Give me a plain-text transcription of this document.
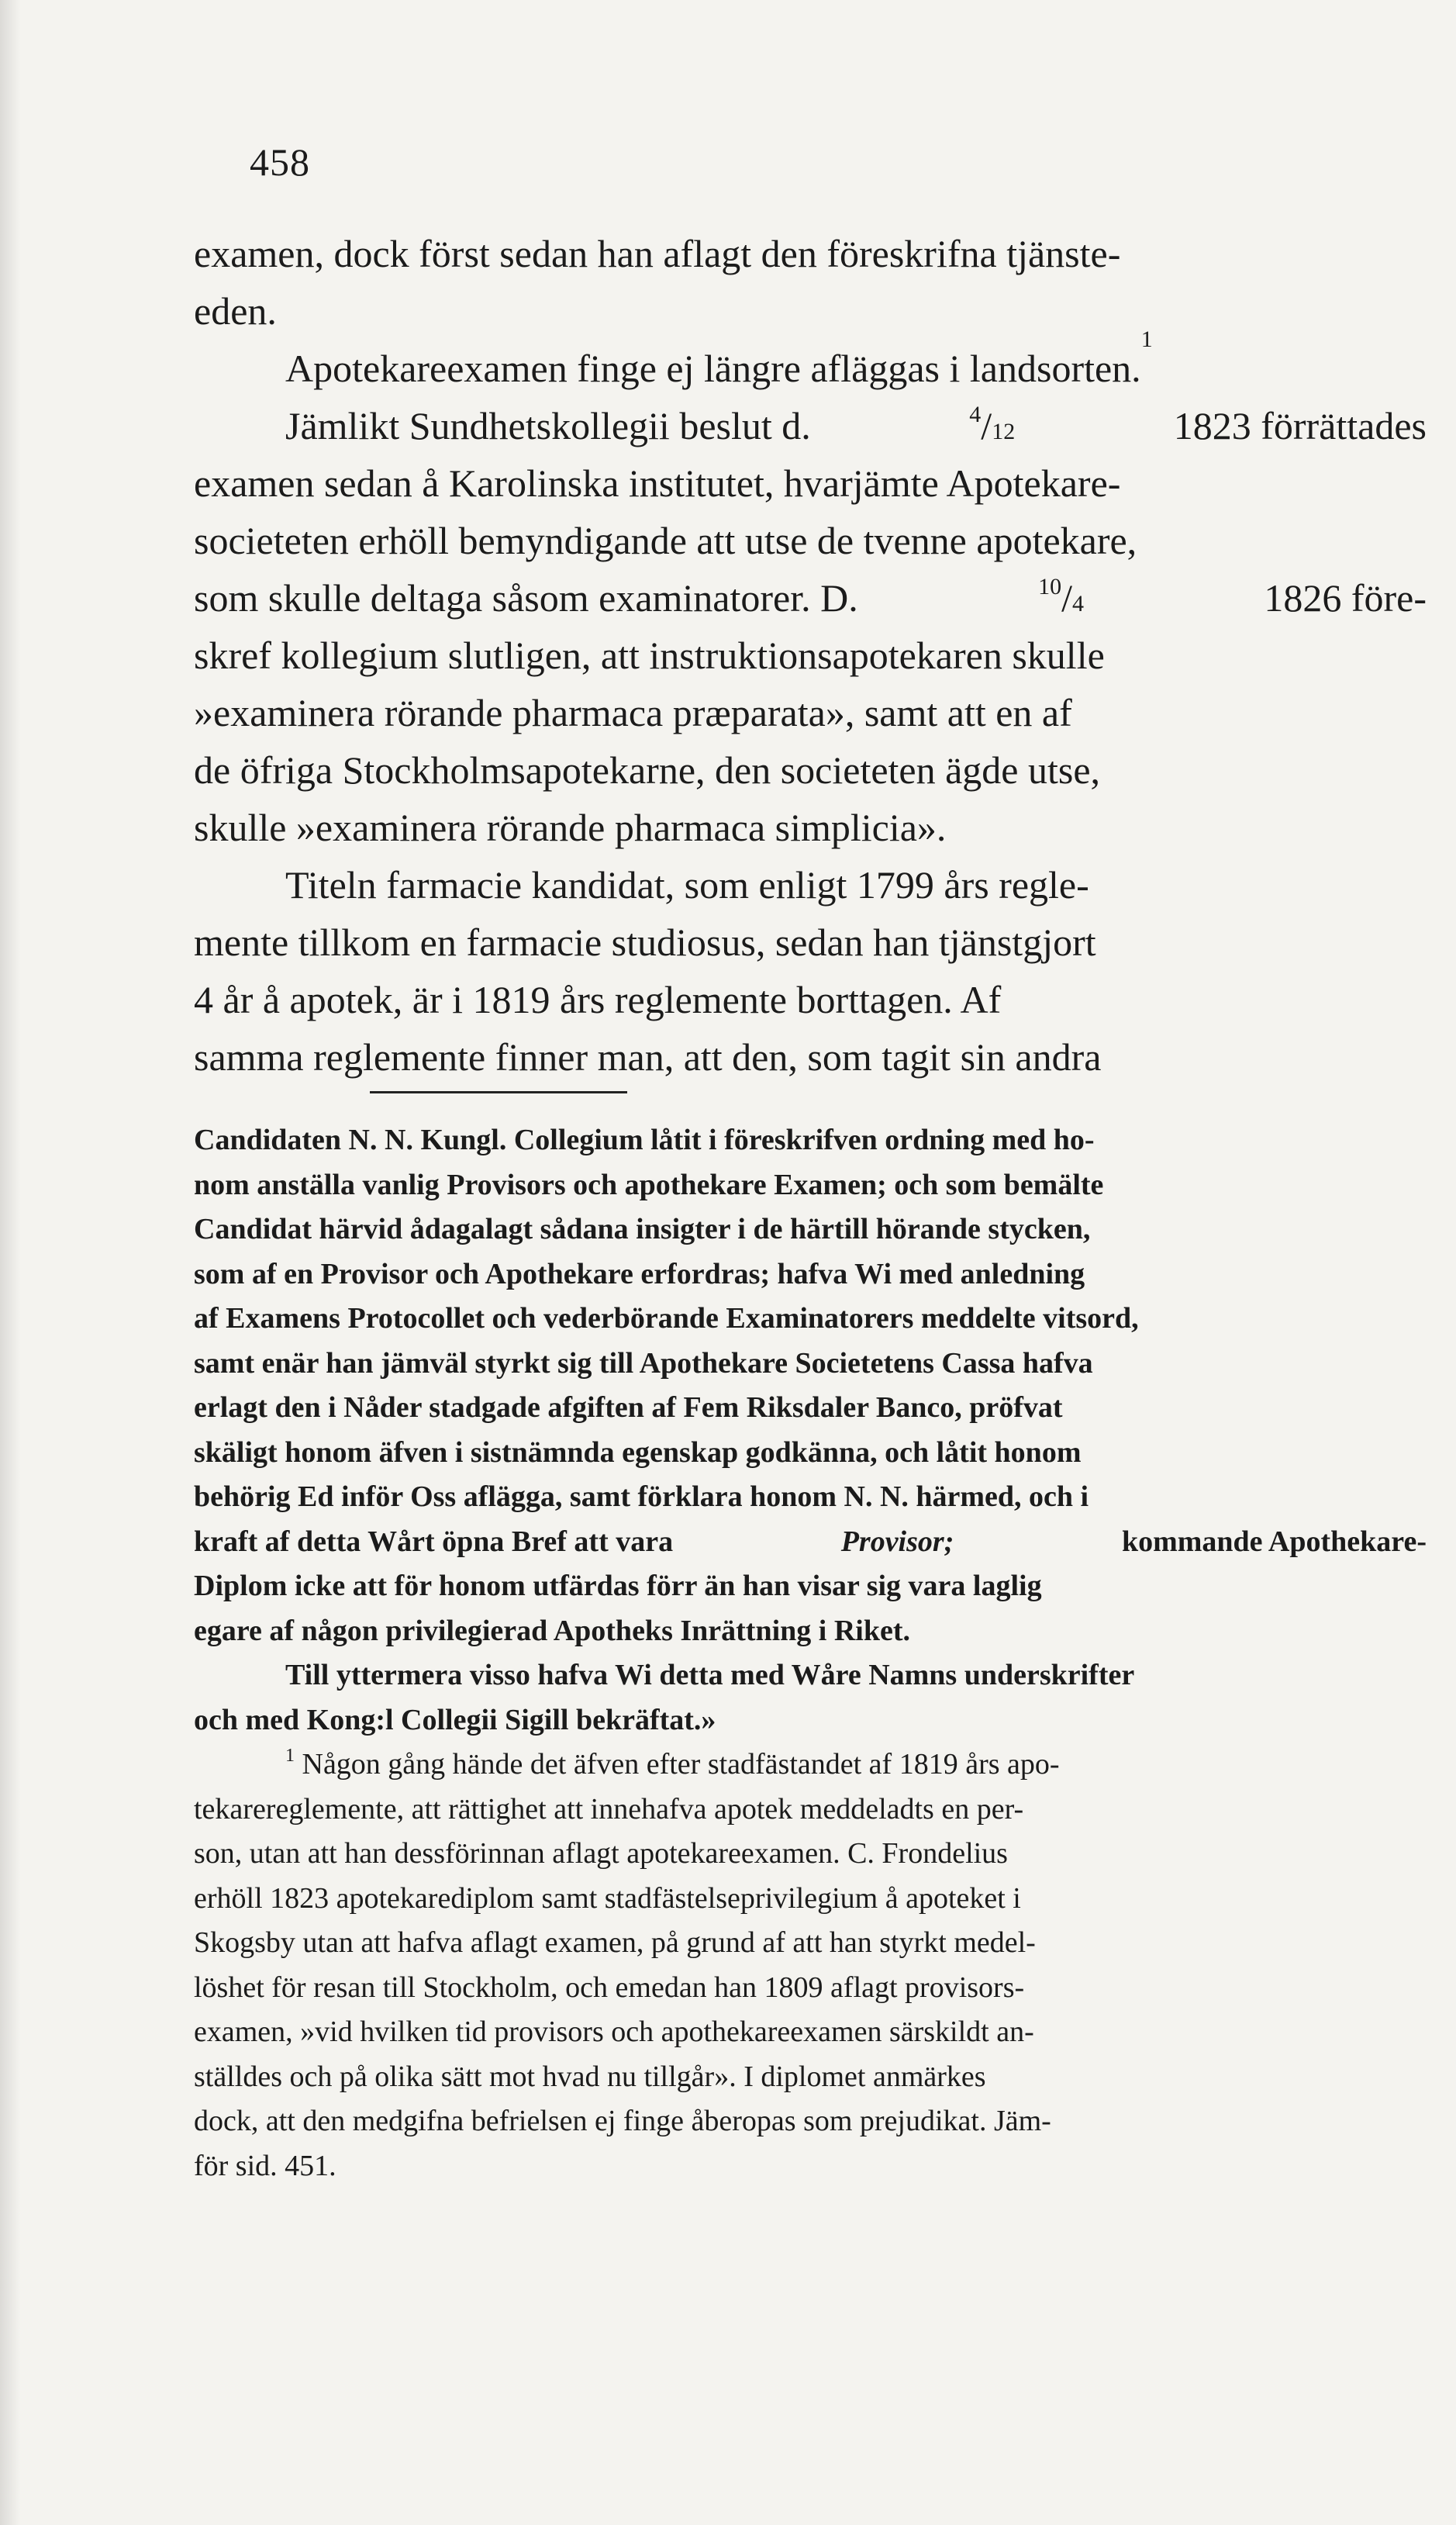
458
examen, dock först sedan han aflagt den föreskrifna tjänste-
eden.
Apotekareexamen finge ej längre afläggas i landsorten.
1
Jämlikt Sundhetskollegii beslut d.	$^4$/12	1823 förrättades
examen sedan å Karolinska institutet, hvarjämte Apotekare-
societeten erhöll bemyndigande att utse de tvenne apotekare,
som skulle deltaga såsom examinatorer. D.	$^{10}$/4	1826 före-
skref kollegium slutligen, att instruktionsapotekaren skulle
»examinera rörande pharmaca præparata», samt att en af
de öfriga Stockholmsapotekarne, den societeten ägde utse,
skulle »examinera rörande pharmaca simplicia».
Titeln farmacie kandidat, som enligt 1799 års regle-
mente tillkom en farmacie studiosus, sedan han tjänstgjort
4 år å apotek, är i 1819 års reglemente borttagen. Af
samma reglemente finner man, att den, som tagit sin andra
Candidaten N. N. Kungl. Collegium låtit i föreskrifven ordning med ho-
nom anställa vanlig Provisors och apothekare Examen; och som bemälte
Candidat härvid ådagalagt sådana insigter i de härtill hörande stycken,
som af en Provisor och Apothekare erfordras; hafva Wi med anledning
af Examens Protocollet och vederbörande Examinatorers meddelte vitsord,
samt enär han jämväl styrkt sig till Apothekare Societetens Cassa hafva
erlagt den i Nåder stadgade afgiften af Fem Riksdaler Banco, pröfvat
skäligt honom äfven i sistnämnda egenskap godkänna, och låtit honom
behörig Ed inför Oss aflägga, samt förklara honom N. N. härmed, och i
kraft af detta Wårt öpna Bref att vara	Provisor;	kommande Apothekare-
Diplom icke att för honom utfärdas förr än han visar sig vara laglig
egare af någon privilegierad Apotheks Inrättning i Riket.
Till yttermera visso hafva Wi detta med Wåre Namns underskrifter
och med Kong:l Collegii Sigill bekräftat.»
$^1$ Någon gång hände det äfven efter stadfästandet af 1819 års apo-
tekarereglemente, att rättighet att innehafva apotek meddeladts en per-
son, utan att han dessförinnan aflagt apotekareexamen. C. Frondelius
erhöll 1823 apotekarediplom samt stadfästelseprivilegium å apoteket i
Skogsby utan att hafva aflagt examen, på grund af att han styrkt medel-
löshet för resan till Stockholm, och emedan han 1809 aflagt provisors-
examen, »vid hvilken tid provisors och apothekareexamen särskildt an-
ställdes och på olika sätt mot hvad nu tillgår». I diplomet anmärkes
dock, att den medgifna befrielsen ej finge åberopas som prejudikat. Jäm-
för sid. 451.
